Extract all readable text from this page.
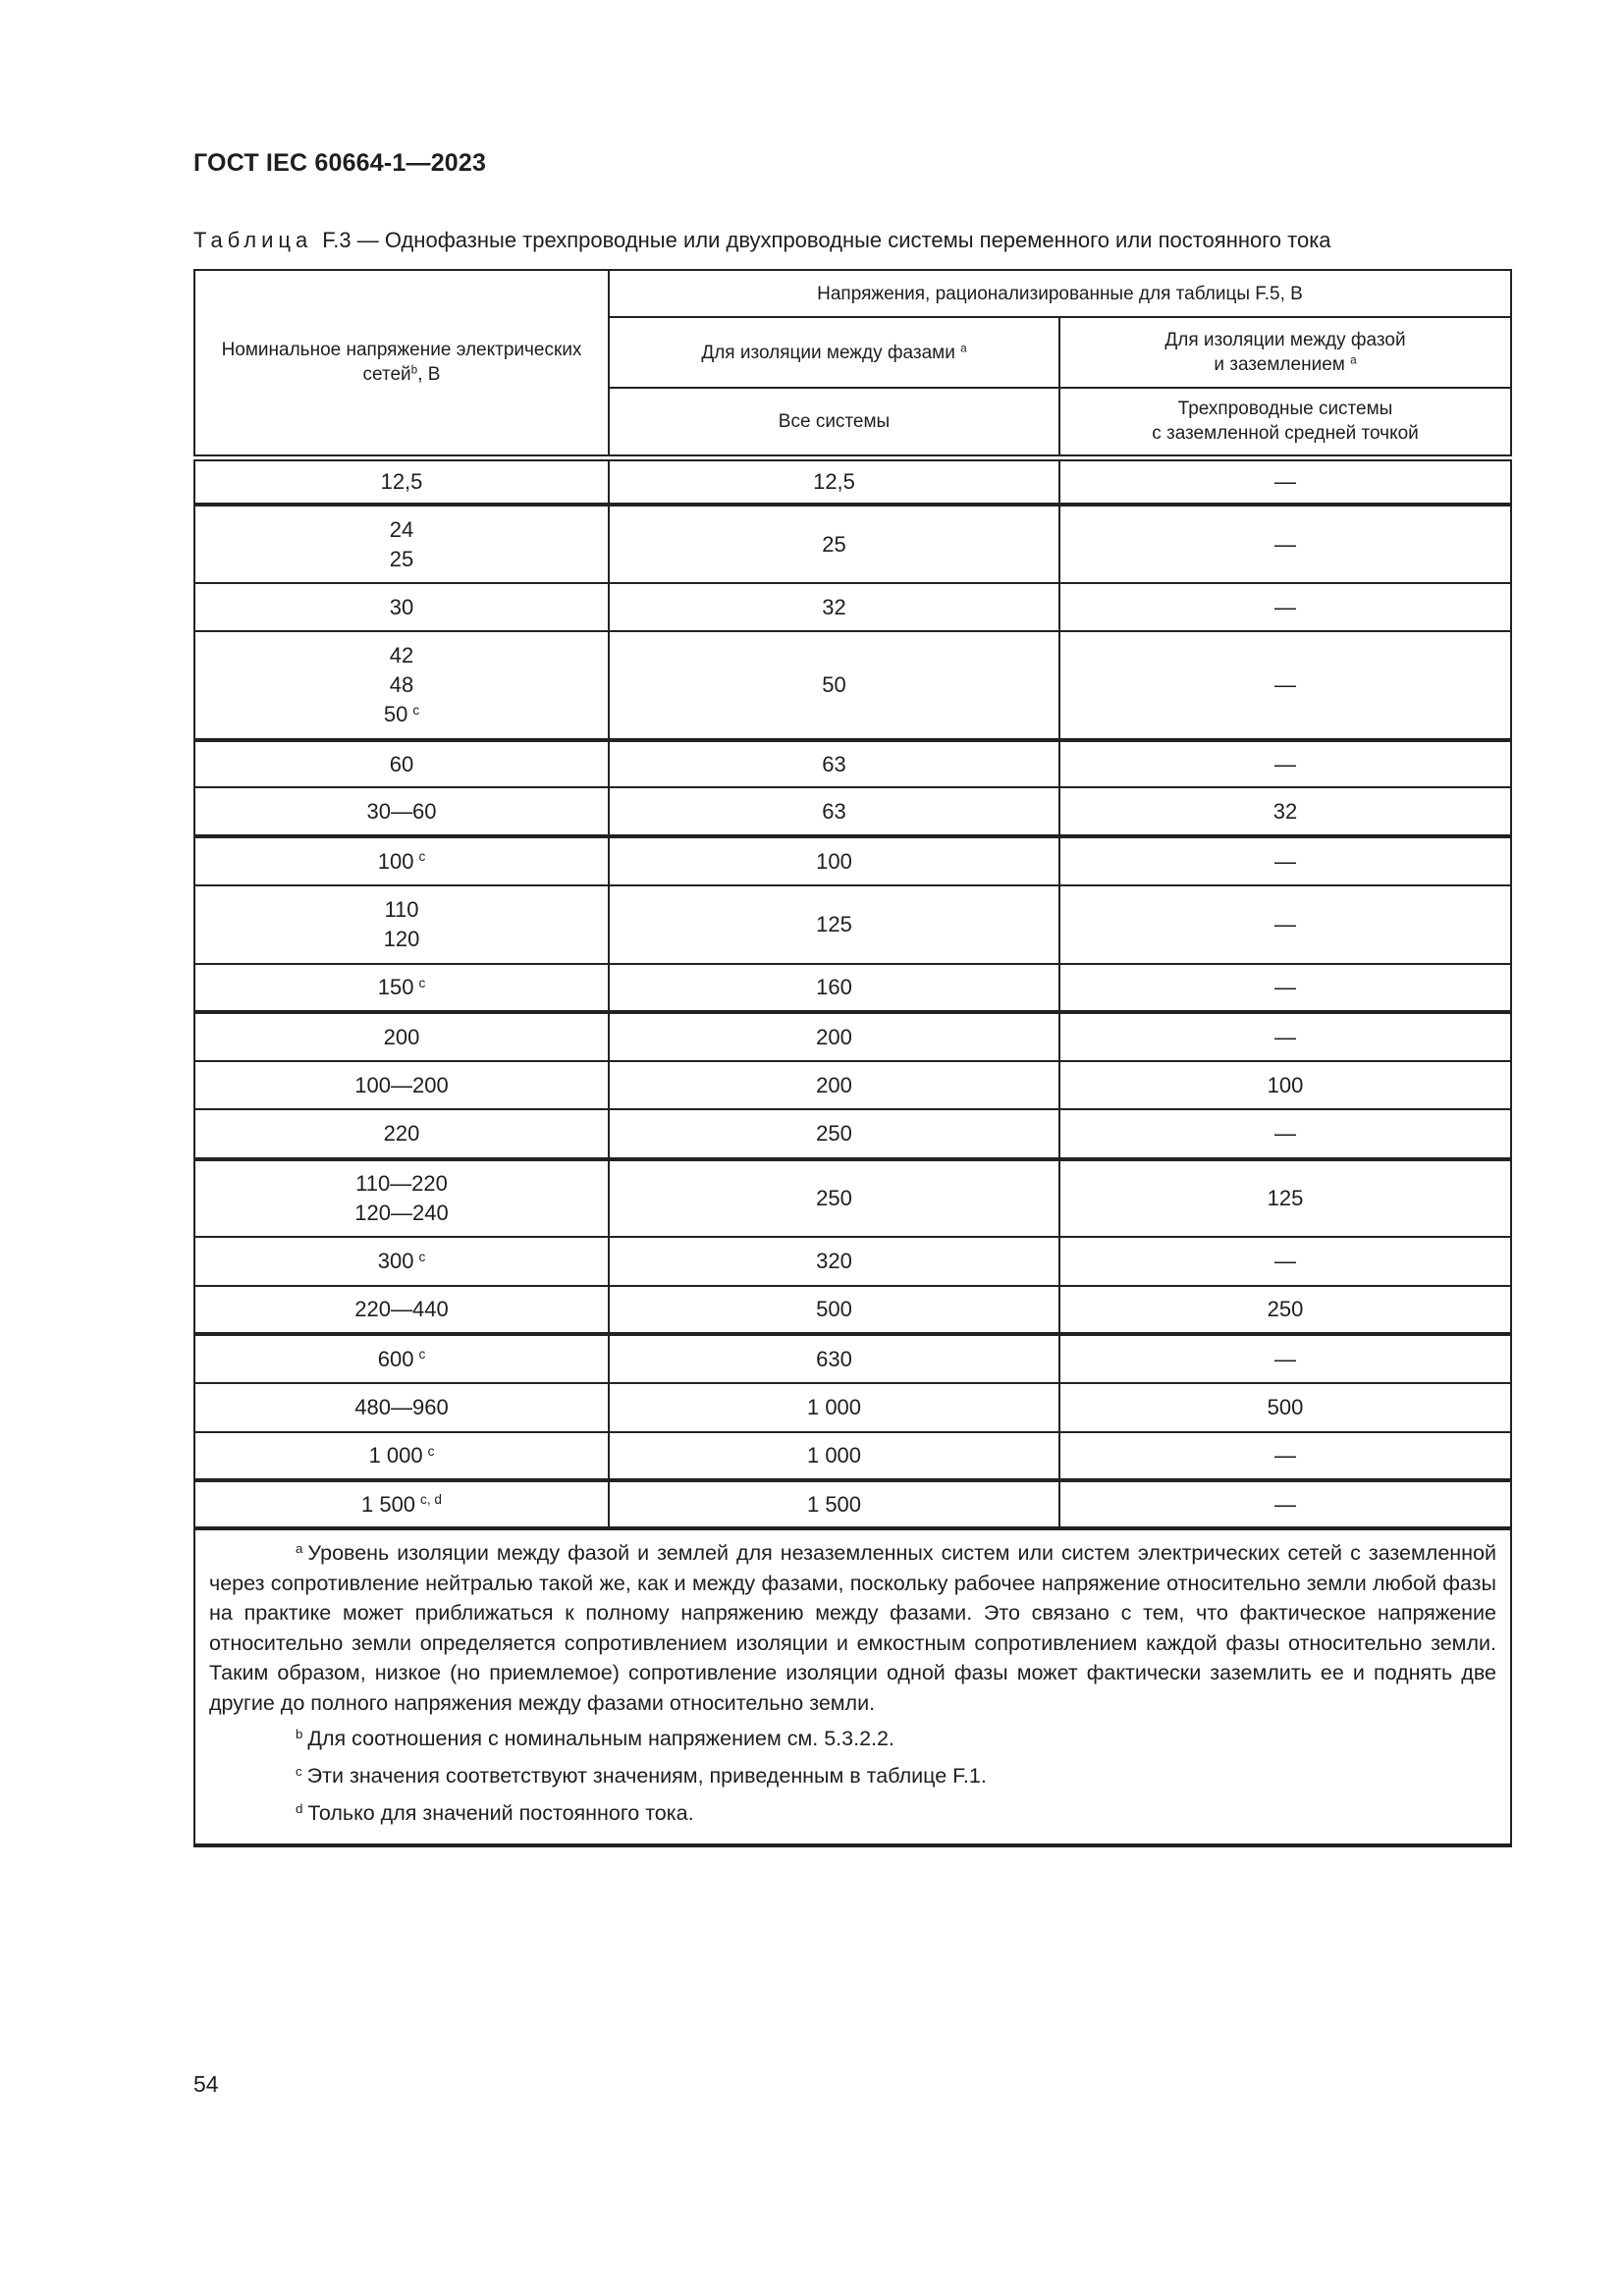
ГОСТ IEC 60664-1—2023
Таблица F.3 — Однофазные трехпроводные или двухпроводные системы переменного или постоянного тока
Номинальное напряжение электрических сетей$^b$, В	Напряжения, рационализированные для таблицы F.5, В	
	Для изоляции между фазами $^a$	Для изоляции между фазой
и заземлением $^a$
	Все системы	Трехпроводные системы
с заземленной средней точкой
12,5	12,5	—
24
25	25	—
30	32	—
42
48
50 $^c$	50	—
60	63	—
30—60	63	32
100 $^c$	100	—
110
120	125	—
150 $^c$	160	—
200	200	—
100—200	200	100
220	250	—
110—220
120—240	250	125
300 $^c$	320	—
220—440	500	250
600 $^c$	630	—
480—960	1 000	500
1 000 $^c$	1 000	—
1 500 $^{c, d}$	1 500	—

$^a$ Уровень изоляции между фазой и землей для незаземленных систем или систем электрических сетей с заземленной через сопротивление нейтралью такой же, как и между фазами, поскольку рабочее напряжение относительно земли любой фазы на практике может приближаться к полному напряжению между фазами. Это связано с тем, что фактическое напряжение относительно земли определяется сопротивлением изоляции и емкостным сопротивлением каждой фазы относительно земли. Таким образом, низкое (но приемлемое) сопротивление изоляции одной фазы может фактически заземлить ее и поднять две другие до полного напряжения между фазами относительно земли.

$^b$ Для соотношения с номинальным напряжением см. 5.3.2.2.

$^c$ Эти значения соответствуют значениям, приведенным в таблице F.1.

$^d$ Только для значений постоянного тока.		

54
